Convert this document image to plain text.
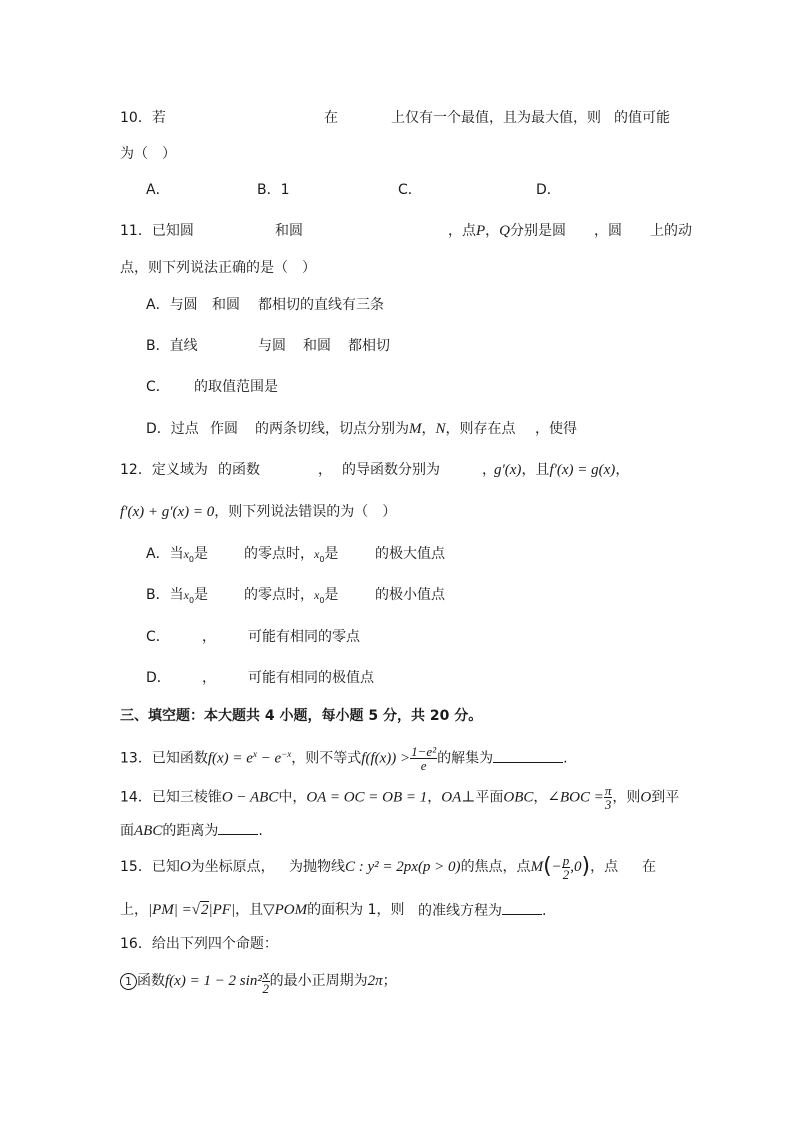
10．若	在	上仅有一个最值，且为最大值，则 的值可能
为（　）
A．	B．1	C．	D．
11．已知圆	和圆	，点P，Q分别是圆 ，圆 上的动
点，则下列说法正确的是（　）
A．与圆 和圆 都相切的直线有三条
B．直线	与圆 和圆 都相切
C． 的取值范围是
D．过点 作圆 的两条切线，切点分别为M，N，则存在点 ，使得
12．定义域为 的函数	， 的导函数分别为	，
g′(x)，且f′(x) = g(x)，
f′(x) + g′(x) = 0，则下列说法错误的为（　）
A．当$x_0$是	的零点时，$x_0$是	的极大值点
B．当$x_0$是	的零点时，$x_0$是	的极小值点
C． ， 可能有相同的零点
D． ， 可能有相同的极值点
三、填空题：本大题共 4 小题，每小题 5 分，共 20 分。
13．已知函数$f(x) = e^x - e^{-x}$，则不等式$f(f(x)) > \frac{\text{1−e²}}{e}$ 的解集为	.
14．已知三棱锥O − ABC中，OA = OC = OB = 1，OA⊥平面OBC，∠BOC = $\frac{\pi}{3}$ ，则O到平
面ABC的距离为	.
15．已知O为坐标原点， 为抛物线C : y² = 2px(p > 0)的焦点，点$M(- \frac{p}{2} ,0)$，点 在
上，|PM| =√2|PF|，且▽POM的面积为 1，则 的准线方程为	.
16．给出下列四个命题：
1 函数f(x) = 1 − 2 $\sin^2 \frac{x}{2}$ 的最小正周期为2π；
